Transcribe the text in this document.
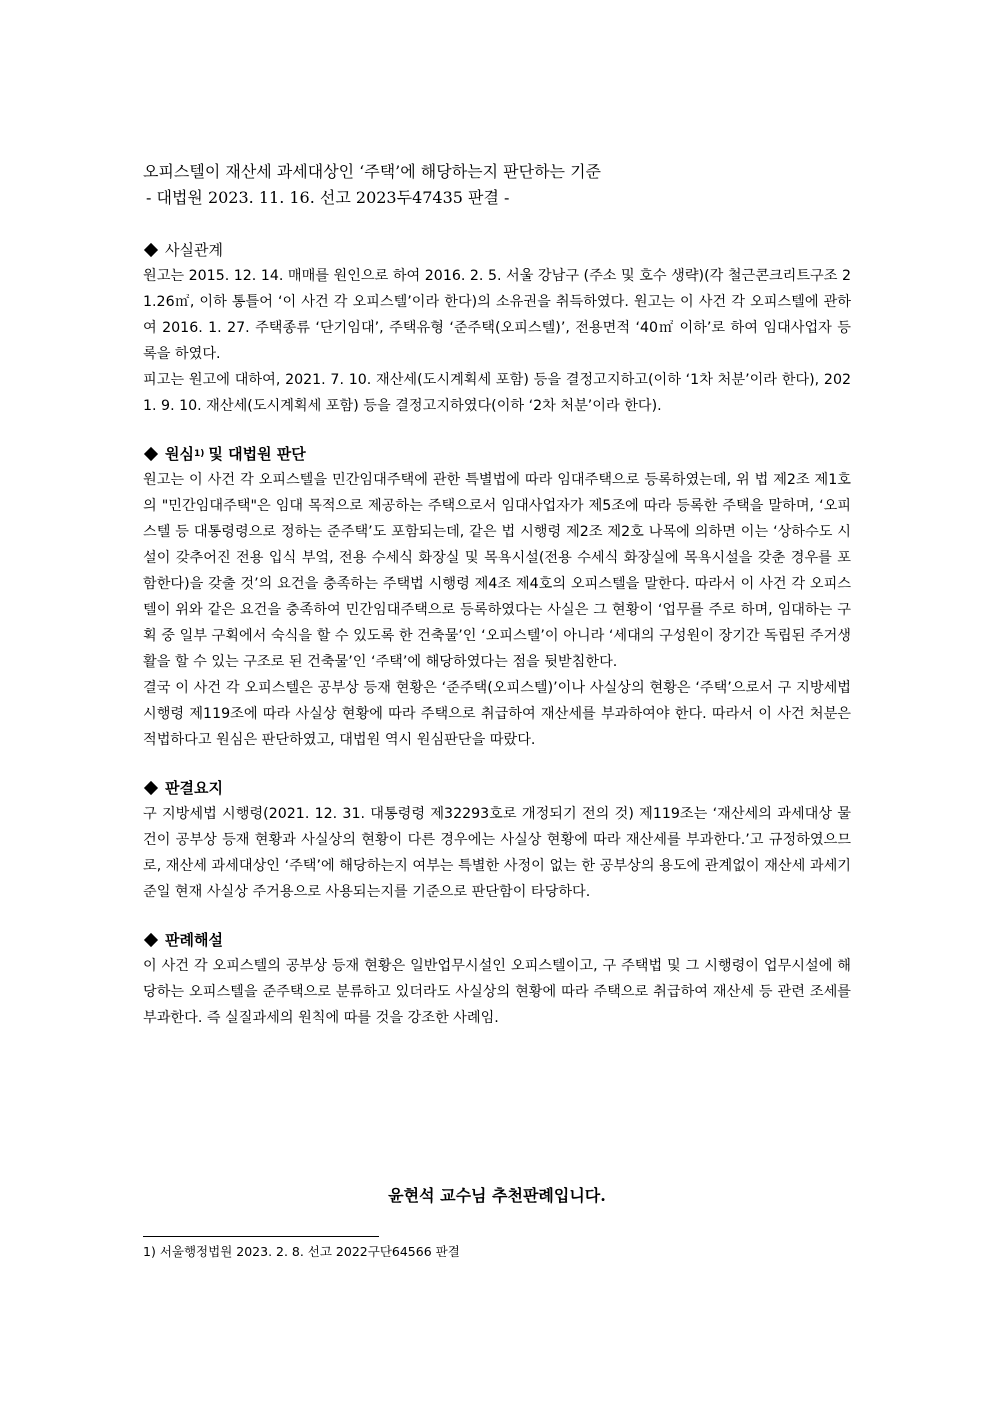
오피스텔이 재산세 과세대상인 ‘주택’에 해당하는지 판단하는 기준
- 대법원 2023. 11. 16. 선고 2023두47435 판결 -
사실관계

원고는 2015. 12. 14. 매매를 원인으로 하여 2016. 2. 5. 서울 강남구 (주소 및 호수 생략)(각 철근콘크리트구조 21.26㎡, 이하 통틀어 ‘이 사건 각 오피스텔’이라 한다)의 소유권을 취득하였다. 원고는 이 사건 각 오피스텔에 관하여 2016. 1. 27. 주택종류 ‘단기임대’, 주택유형 ‘준주택(오피스텔)’, 전용면적 ‘40㎡ 이하’로 하여 임대사업자 등록을 하였다.

피고는 원고에 대하여, 2021. 7. 10. 재산세(도시계획세 포함) 등을 결정고지하고(이하 ‘1차 처분’이라 한다), 2021. 9. 10. 재산세(도시계획세 포함) 등을 결정고지하였다(이하 ‘2차 처분’이라 한다).

원심 1) 및 대법원 판단

원고는 이 사건 각 오피스텔을 민간임대주택에 관한 특별법에 따라 임대주택으로 등록하였는데, 위 법 제2조 제1호의 "민간임대주택"은 임대 목적으로 제공하는 주택으로서 임대사업자가 제5조에 따라 등록한 주택을 말하며, ‘오피스텔 등 대통령령으로 정하는 준주택’도 포함되는데, 같은 법 시행령 제2조 제2호 나목에 의하면 이는 ‘상하수도 시설이 갖추어진 전용 입식 부엌, 전용 수세식 화장실 및 목욕시설(전용 수세식 화장실에 목욕시설을 갖춘 경우를 포함한다)을 갖출 것’의 요건을 충족하는 주택법 시행령 제4조 제4호의 오피스텔을 말한다. 따라서 이 사건 각 오피스텔이 위와 같은 요건을 충족하여 민간임대주택으로 등록하였다는 사실은 그 현황이 ‘업무를 주로 하며, 임대하는 구획 중 일부 구획에서 숙식을 할 수 있도록 한 건축물’인 ‘오피스텔’이 아니라 ‘세대의 구성원이 장기간 독립된 주거생활을 할 수 있는 구조로 된 건축물’인 ‘주택’에 해당하였다는 점을 뒷받침한다.

결국 이 사건 각 오피스텔은 공부상 등재 현황은 ‘준주택(오피스텔)’이나 사실상의 현황은 ‘주택’으로서 구 지방세법 시행령 제119조에 따라 사실상 현황에 따라 주택으로 취급하여 재산세를 부과하여야 한다. 따라서 이 사건 처분은 적법하다고 원심은 판단하였고, 대법원 역시 원심판단을 따랐다.

판결요지

구 지방세법 시행령(2021. 12. 31. 대통령령 제32293호로 개정되기 전의 것) 제119조는 ‘재산세의 과세대상 물건이 공부상 등재 현황과 사실상의 현황이 다른 경우에는 사실상 현황에 따라 재산세를 부과한다.’고 규정하였으므로, 재산세 과세대상인 ‘주택’에 해당하는지 여부는 특별한 사정이 없는 한 공부상의 용도에 관계없이 재산세 과세기준일 현재 사실상 주거용으로 사용되는지를 기준으로 판단함이 타당하다.

판례해설

이 사건 각 오피스텔의 공부상 등재 현황은 일반업무시설인 오피스텔이고, 구 주택법 및 그 시행령이 업무시설에 해당하는 오피스텔을 준주택으로 분류하고 있더라도 사실상의 현황에 따라 주택으로 취급하여 재산세 등 관련 조세를 부과한다. 즉 실질과세의 원칙에 따를 것을 강조한 사례임.

윤현석 교수님 추천판례입니다.
1) 서울행정법원 2023. 2. 8. 선고 2022구단64566 판결
